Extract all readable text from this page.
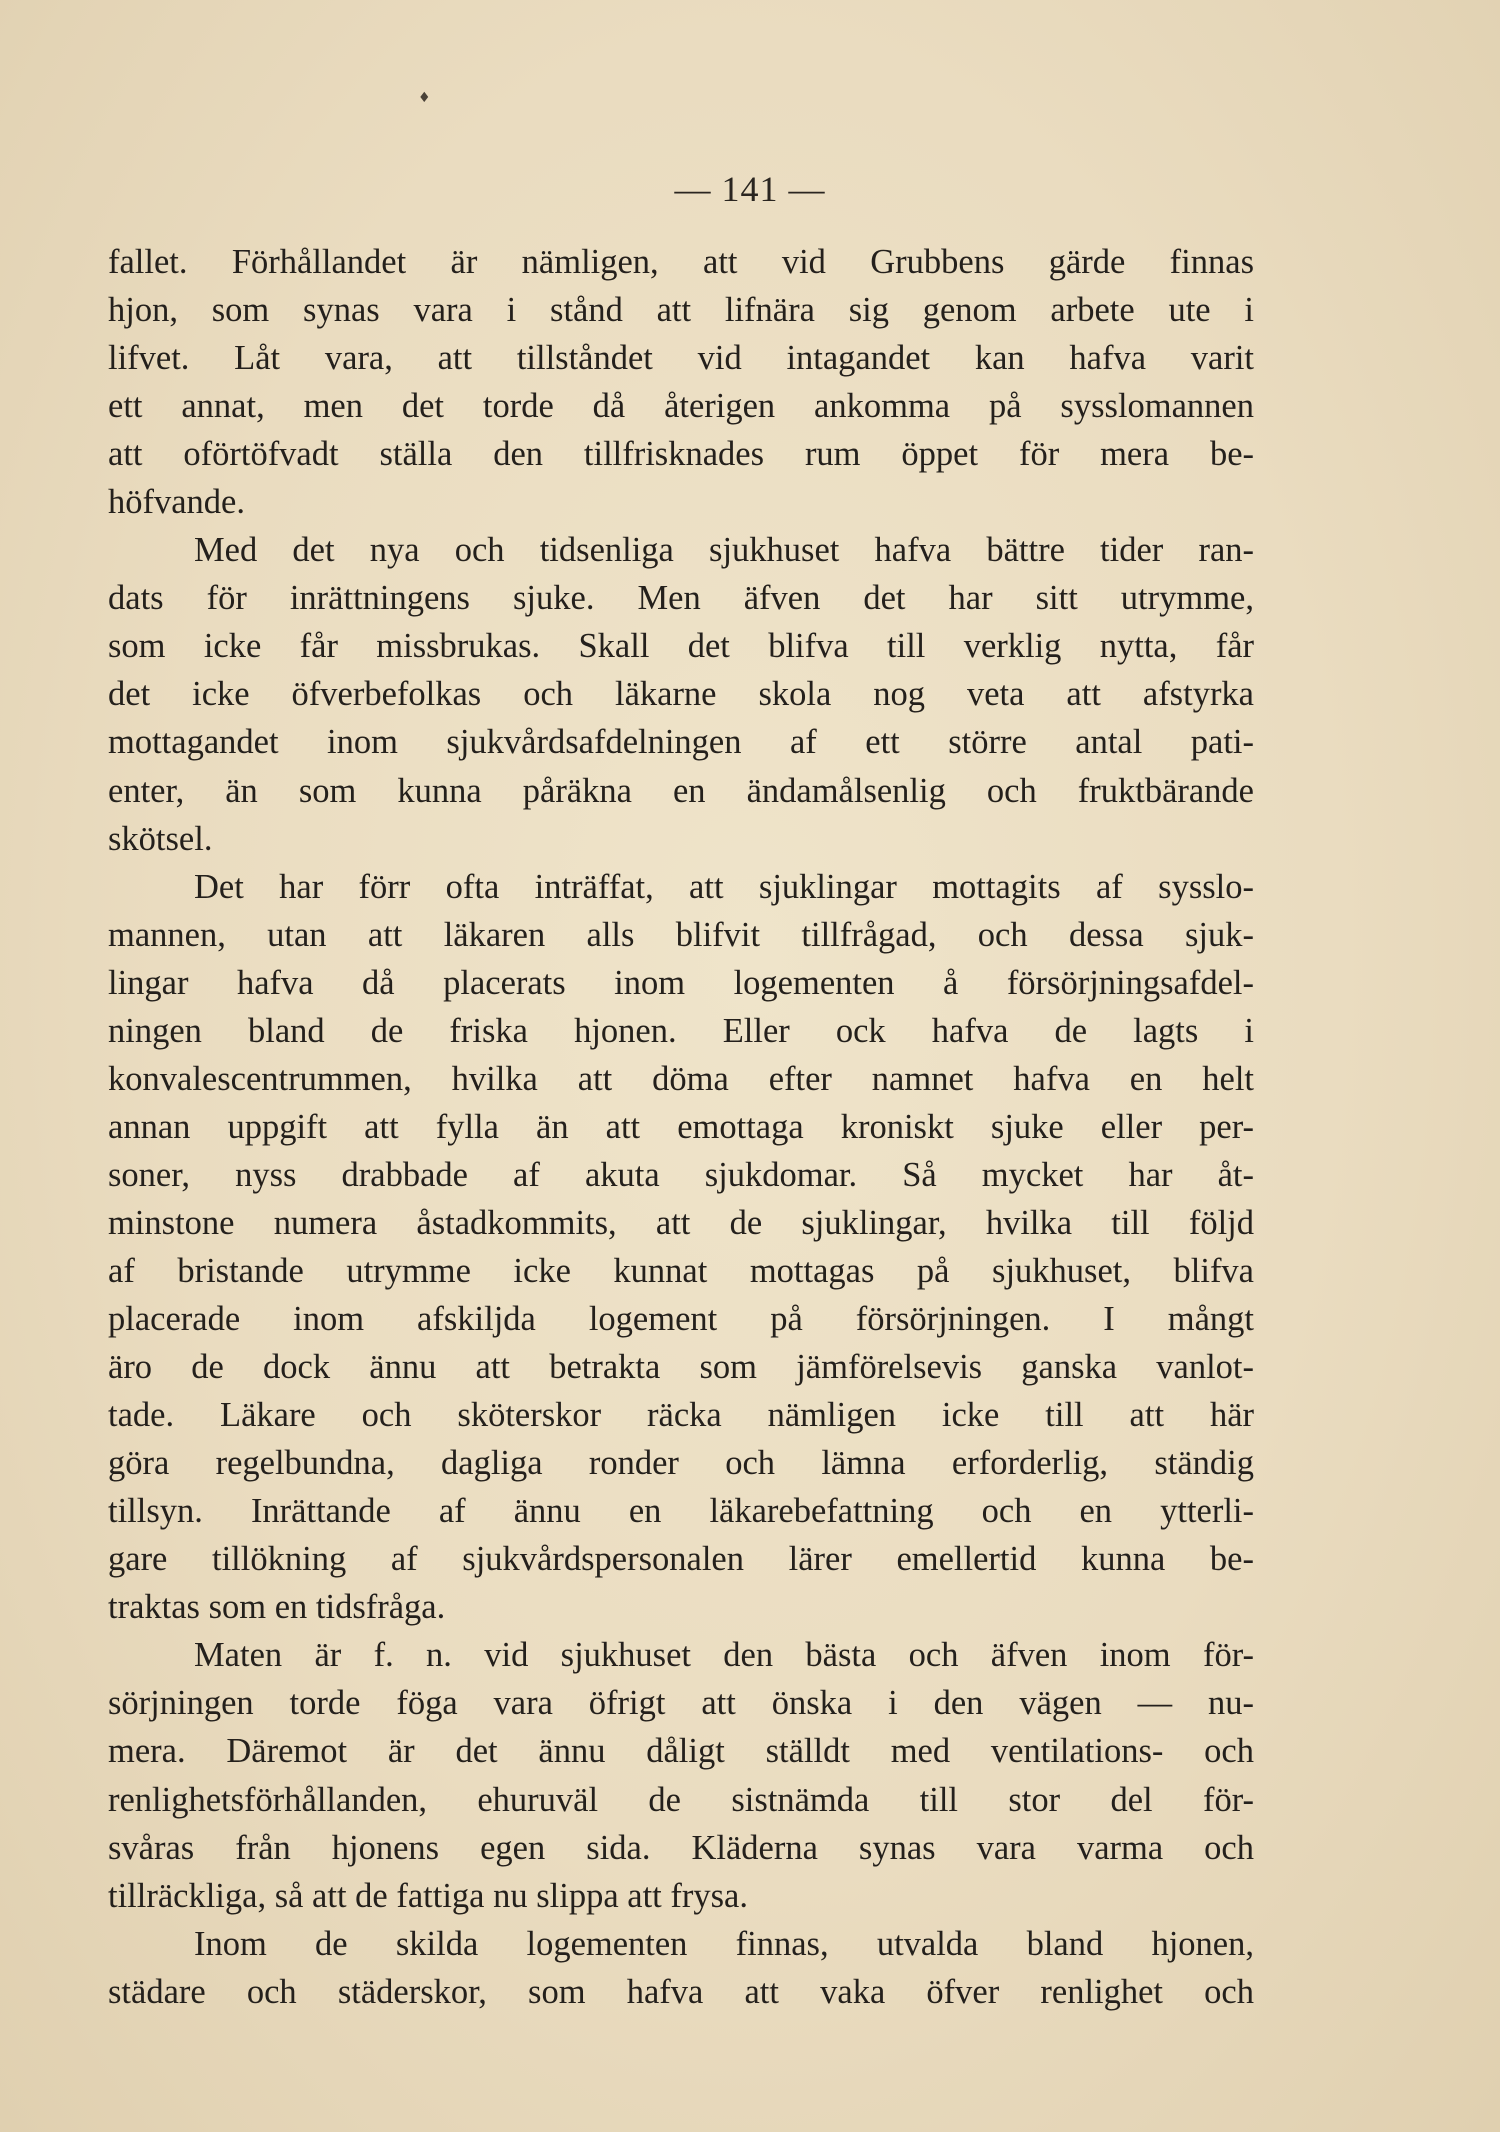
♦
— 141 —
fallet. Förhållandet är nämligen, att vid Grubbens gärde finnas
hjon, som synas vara i stånd att lifnära sig genom arbete ute i
lifvet. Låt vara, att tillståndet vid intagandet kan hafva varit
ett annat, men det torde då återigen ankomma på sysslomannen
att oförtöfvadt ställa den tillfrisknades rum öppet för mera be-
höfvande.
Med det nya och tidsenliga sjukhuset hafva bättre tider ran-
dats för inrättningens sjuke. Men äfven det har sitt utrymme,
som icke får missbrukas. Skall det blifva till verklig nytta, får
det icke öfverbefolkas och läkarne skola nog veta att afstyrka
mottagandet inom sjukvårdsafdelningen af ett större antal pati-
enter, än som kunna påräkna en ändamålsenlig och fruktbärande
skötsel.
Det har förr ofta inträffat, att sjuklingar mottagits af sysslo-
mannen, utan att läkaren alls blifvit tillfrågad, och dessa sjuk-
lingar hafva då placerats inom logementen å försörjningsafdel-
ningen bland de friska hjonen. Eller ock hafva de lagts i
konvalescentrummen, hvilka att döma efter namnet hafva en helt
annan uppgift att fylla än att emottaga kroniskt sjuke eller per-
soner, nyss drabbade af akuta sjukdomar. Så mycket har åt-
minstone numera åstadkommits, att de sjuklingar, hvilka till följd
af bristande utrymme icke kunnat mottagas på sjukhuset, blifva
placerade inom afskiljda logement på försörjningen. I mångt
äro de dock ännu att betrakta som jämförelsevis ganska vanlot-
tade. Läkare och sköterskor räcka nämligen icke till att här
göra regelbundna, dagliga ronder och lämna erforderlig, ständig
tillsyn. Inrättande af ännu en läkarebefattning och en ytterli-
gare tillökning af sjukvårdspersonalen lärer emellertid kunna be-
traktas som en tidsfråga.
Maten är f. n. vid sjukhuset den bästa och äfven inom för-
sörjningen torde föga vara öfrigt att önska i den vägen — nu-
mera. Däremot är det ännu dåligt ställdt med ventilations- och
renlighetsförhållanden, ehuruväl de sistnämda till stor del för-
svåras från hjonens egen sida. Kläderna synas vara varma och
tillräckliga, så att de fattiga nu slippa att frysa.
Inom de skilda logementen finnas, utvalda bland hjonen,
städare och städerskor, som hafva att vaka öfver renlighet och
